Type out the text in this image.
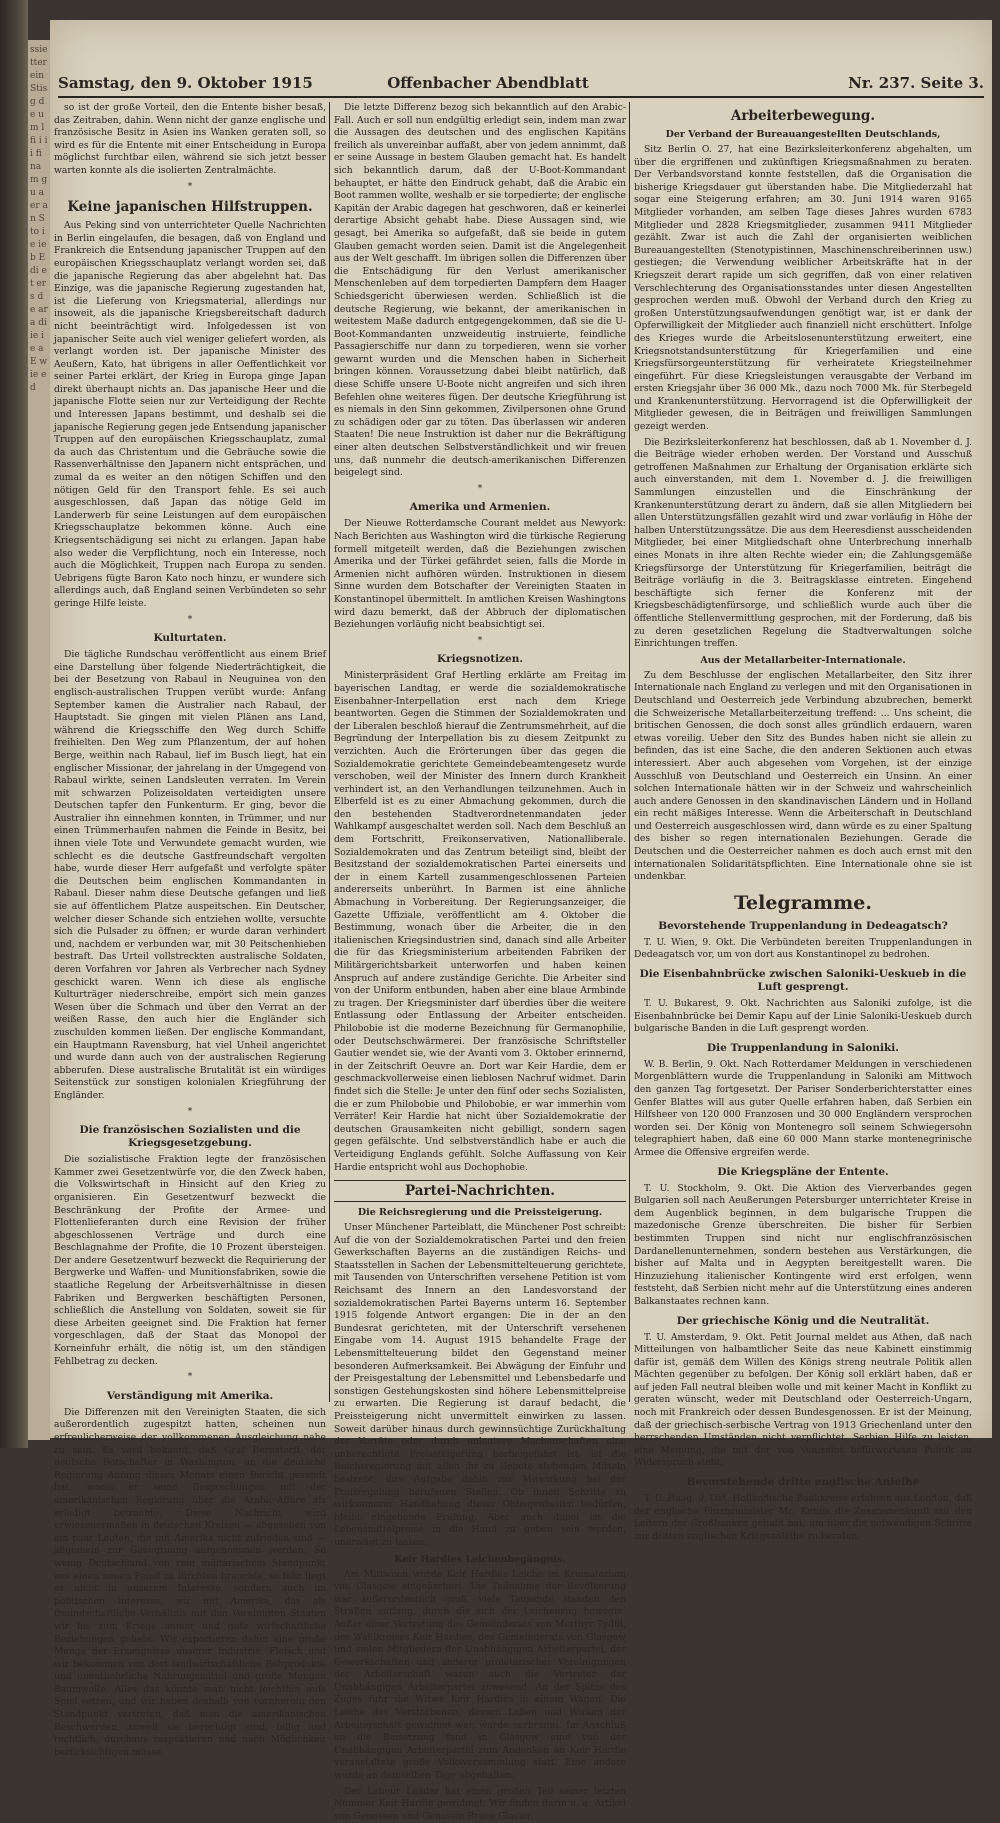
ssie tter ein Stis g de um l fi i i i fi na m gu a er an Sto ie ie b E di et ers de ar a di ie i e a E w ie e d
Samstag, den 9. Oktober 1915	Offenbacher Abendblatt	Nr. 237. Seite 3.

so ist der große Vorteil, den die Entente bisher besaß, das Zeitraben, dahin. Wenn nicht der ganze englische und französische Besitz in Asien ins Wanken geraten soll, so wird es für die Entente mit einer Entscheidung in Europa möglichst furchtbar eilen, während sie sich jetzt besser warten konnte als die isolierten Zentralmächte.

*
Keine japanischen Hilfstruppen.

Aus Peking sind von unterrichteter Quelle Nachrichten in Berlin eingelaufen, die besagen, daß von England und Frankreich die Entsendung japanischer Truppen auf den europäischen Kriegsschauplatz verlangt worden sei, daß die japanische Regierung das aber abgelehnt hat. Das Einzige, was die japanische Regierung zugestanden hat, ist die Lieferung von Kriegsmaterial, allerdings nur insoweit, als die japanische Kriegsbereitschaft dadurch nicht beeinträchtigt wird. Infolgedessen ist von japanischer Seite auch viel weniger geliefert worden, als verlangt worden ist. Der japanische Minister des Aeußern, Kato, hat übrigens in aller Oeffentlichkeit vor seiner Partei erklärt, der Krieg in Europa ginge Japan direkt überhaupt nichts an. Das japanische Heer und die japanische Flotte seien nur zur Verteidigung der Rechte und Interessen Japans bestimmt, und deshalb sei die japanische Regierung gegen jede Entsendung japanischer Truppen auf den europäischen Kriegsschauplatz, zumal da auch das Christentum und die Gebräuche sowie die Rassenverhältnisse den Japanern nicht entsprächen, und zumal da es weiter an den nötigen Schiffen und den nötigen Geld für den Transport fehle. Es sei auch ausgeschlossen, daß Japan das nötige Geld im Landerwerb für seine Leistungen auf dem europäischen Kriegsschauplatze bekommen könne. Auch eine Kriegsentschädigung sei nicht zu erlangen. Japan habe also weder die Verpflichtung, noch ein Interesse, noch auch die Möglichkeit, Truppen nach Europa zu senden. Uebrigens fügte Baron Kato noch hinzu, er wundere sich allerdings auch, daß England seinen Verbündeten so sehr geringe Hilfe leiste.

*
Kulturtaten.

Die tägliche Rundschau veröffentlicht aus einem Brief eine Darstellung über folgende Niederträchtigkeit, die bei der Besetzung von Rabaul in Neuguinea von den englisch-australischen Truppen verübt wurde: Anfang September kamen die Australier nach Rabaul, der Hauptstadt. Sie gingen mit vielen Plänen ans Land, während die Kriegsschiffe den Weg durch Schiffe freihielten. Den Weg zum Pflanzentum, der auf hohen Berge, weithin nach Rabaul, lief im Busch liegt, hat ein englischer Missionar, der jahrelang in der Umgegend von Rabaul wirkte, seinen Landsleuten verraten. Im Verein mit schwarzen Polizeisoldaten verteidigten unsere Deutschen tapfer den Funkenturm. Er ging, bevor die Australier ihn einnehmen konnten, in Trümmer, und nur einen Trümmerhaufen nahmen die Feinde in Besitz, bei ihnen viele Tote und Verwundete gemacht wurden, wie schlecht es die deutsche Gastfreundschaft vergolten habe, wurde dieser Herr aufgefaßt und verfolgte später die Deutschen beim englischen Kommandanten in Rabaul. Dieser nahm diese Deutsche gefangen und ließ sie auf öffentlichem Platze auspeitschen. Ein Deutscher, welcher dieser Schande sich entziehen wollte, versuchte sich die Pulsader zu öffnen; er wurde daran verhindert und, nachdem er verbunden war, mit 30 Peitschenhieben bestraft. Das Urteil vollstreckten australische Soldaten, deren Vorfahren vor Jahren als Verbrecher nach Sydney geschickt waren. Wenn ich diese als englische Kulturträger niederschreibe, empört sich mein ganzes Wesen über die Schmach und über den Verrat an der weißen Rasse, den auch hier die Engländer sich zuschulden kommen ließen. Der englische Kommandant, ein Hauptmann Ravensburg, hat viel Unheil angerichtet und wurde dann auch von der australischen Regierung abberufen. Diese australische Brutalität ist ein würdiges Seitenstück zur sonstigen kolonialen Kriegführung der Engländer.

*
Die französischen Sozialisten und die Kriegsgesetzgebung.

Die sozialistische Fraktion legte der französischen Kammer zwei Gesetzentwürfe vor, die den Zweck haben, die Volkswirtschaft in Hinsicht auf den Krieg zu organisieren. Ein Gesetzentwurf bezweckt die Beschränkung der Profite der Armee- und Flottenlieferanten durch eine Revision der früher abgeschlossenen Verträge und durch eine Beschlagnahme der Profite, die 10 Prozent übersteigen. Der andere Gesetzentwurf bezweckt die Requirierung der Bergwerke und Waffen- und Munitionsfabriken, sowie die staatliche Regelung der Arbeitsverhältnisse in diesen Fabriken und Bergwerken beschäftigten Personen, schließlich die Anstellung von Soldaten, soweit sie für diese Arbeiten geeignet sind. Die Fraktion hat ferner vorgeschlagen, daß der Staat das Monopol der Korneinfuhr erhält, die nötig ist, um den ständigen Fehlbetrag zu decken.

*
Verständigung mit Amerika.

Die Differenzen mit den Vereinigten Staaten, die sich außerordentlich zugespitzt hatten, scheinen nun erfreulicherweise der vollkommenen Ausgleichung nahe zu sein. Es wird bekannt, daß Graf Bernstorff, der deutsche Botschafter in Washington, an die deutsche Regierung Anfang dieses Monats einen Bericht gesandt hat, worin er seine Besprechungen mit der amerikanischen Regierung über die Arabic-Affäre als erledigt betrachte. Diese Nachricht wird erwiesenermaßen in deutschen Kreisen — abgesehen von ein paar Leuten, die mit Amerika nicht zufrieden sind — allgemein zur Genugtuung aufgenommen werden. So wenig Deutschland von rein militärischem Standpunkt aus einen neuen Feind zu fürchten brauchte, so fehr liegt es nicht in unserem Interesse, sondern auch im politischen Interesse, wir mit Amerika, das als freundschaftliche Verhältnis mit den Vereinigten Staaten wir bis zum Kriege immer und gute wirtschaftliche Beziehungen gehabt. Wir exportieren dahin eine große Menge der Erzeugnisse unserer Industrie. Fleisch und wir bekommen von dort landwirtschaftliche Rohprodukte und unentbehrliche Nahrungsmittel und große Mengen Baumwolle. Alles das könnte man nicht leichthin aufs Spiel setzen, und wir haben deshalb von vornherein den Standpunkt vertreten, daß man die amerikanischen Beschwerden, soweit sie berechtigt sind, billig und rechtlich, durchaus respektieren und nach Möglichkeit berücksichtigen müsse.

Die letzte Differenz bezog sich bekanntlich auf den Arabic-Fall. Auch er soll nun endgültig erledigt sein, indem man zwar die Aussagen des deutschen und des englischen Kapitäns freilich als unvereinbar auffaßt, aber von jedem annimmt, daß er seine Aussage in bestem Glauben gemacht hat. Es handelt sich bekanntlich darum, daß der U-Boot-Kommandant behauptet, er hätte den Eindruck gehabt, daß die Arabic ein Boot rammen wollte, weshalb er sie torpedierte; der englische Kapitän der Arabic dagegen hat geschworen, daß er keinerlei derartige Absicht gehabt habe. Diese Aussagen sind, wie gesagt, bei Amerika so aufgefaßt, daß sie beide in gutem Glauben gemacht worden seien. Damit ist die Angelegenheit aus der Welt geschafft. Im übrigen sollen die Differenzen über die Entschädigung für den Verlust amerikanischer Menschenleben auf dem torpedierten Dampfern dem Haager Schiedsgericht überwiesen werden. Schließlich ist die deutsche Regierung, wie bekannt, der amerikanischen in weitestem Maße dadurch entgegengekommen, daß sie die U-Boot-Kommandanten unzweideutig instruierte, feindliche Passagierschiffe nur dann zu torpedieren, wenn sie vorher gewarnt wurden und die Menschen haben in Sicherheit bringen können. Voraussetzung dabei bleibt natürlich, daß diese Schiffe unsere U-Boote nicht angreifen und sich ihren Befehlen ohne weiteres fügen. Der deutsche Kriegführung ist es niemals in den Sinn gekommen, Zivilpersonen ohne Grund zu schädigen oder gar zu töten. Das überlassen wir anderen Staaten! Die neue Instruktion ist daher nur die Bekräftigung einer alten deutschen Selbstverständlichkeit und wir freuen uns, daß nunmehr die deutsch-amerikanischen Differenzen beigelegt sind.

*
Amerika und Armenien.

Der Nieuwe Rotterdamsche Courant meldet aus Newyork: Nach Berichten aus Washington wird die türkische Regierung formell mitgeteilt werden, daß die Beziehungen zwischen Amerika und der Türkei gefährdet seien, falls die Morde in Armenien nicht aufhören würden. Instruktionen in diesem Sinne wurden dem Botschafter der Vereinigten Staaten in Konstantinopel übermittelt. In amtlichen Kreisen Washingtons wird dazu bemerkt, daß der Abbruch der diplomatischen Beziehungen vorläufig nicht beabsichtigt sei.

*
Kriegsnotizen.

Ministerpräsident Graf Hertling erklärte am Freitag im bayerischen Landtag, er werde die sozialdemokratische Eisenbahner-Interpellation erst nach dem Kriege beantworten. Gegen die Stimmen der Sozialdemokraten und der Liberalen beschloß hierauf die Zentrumsmehrheit, auf die Begründung der Interpellation bis zu diesem Zeitpunkt zu verzichten. Auch die Erörterungen über das gegen die Sozialdemokratie gerichtete Gemeindebeamtengesetz wurde verschoben, weil der Minister des Innern durch Krankheit verhindert ist, an den Verhandlungen teilzunehmen. Auch in Elberfeld ist es zu einer Abmachung gekommen, durch die den bestehenden Stadtverordnetenmandaten jeder Wahlkampf ausgeschaltet werden soll. Nach dem Beschluß an dem Fortschritt, Freikonservativen, Nationalliberale. Sozialdemokraten und das Zentrum beteiligt sind, bleibt der Besitzstand der sozialdemokratischen Partei einerseits und der in einem Kartell zusammengeschlossenen Parteien andererseits unberührt. In Barmen ist eine ähnliche Abmachung in Vorbereitung. Der Regierungsanzeiger, die Gazette Uffiziale, veröffentlicht am 4. Oktober die Bestimmung, wonach über die Arbeiter, die in den italienischen Kriegsindustrien sind, danach sind alle Arbeiter die für das Kriegsministerium arbeitenden Fabriken der Militärgerichtsbarkeit unterworfen und haben keinen Anspruch auf andere zuständige Gerichte. Die Arbeiter sind von der Uniform entbunden, haben aber eine blaue Armbinde zu tragen. Der Kriegsminister darf überdies über die weitere Entlassung oder Entlassung der Arbeiter entscheiden. Philobobie ist die moderne Bezeichnung für Germanophilie, oder Deutschschwärmerei. Der französische Schriftsteller Gautier wendet sie, wie der Avanti vom 3. Oktober erinnernd, in der Zeitschrift Oeuvre an. Dort war Keir Hardie, dem er geschmackvollerweise einen lieblosen Nachruf widmet. Darin findet sich die Stelle: Je unter den fünf oder sechs Sozialisten, die er zum Philobobie und Philobobie, er war immerhin vom Verräter! Keir Hardie hat nicht über Sozialdemokratie der deutschen Grausamkeiten nicht gebilligt, sondern sagen gegen gefälschte. Und selbstverständlich habe er auch die Verteidigung Englands gefühlt. Solche Auffassung von Keir Hardie entspricht wohl aus Dochophobie.

Partei-Nachrichten.
Die Reichsregierung und die Preissteigerung.

Unser Münchener Parteiblatt, die Münchener Post schreibt: Auf die von der Sozialdemokratischen Partei und den freien Gewerkschaften Bayerns an die zuständigen Reichs- und Staatsstellen in Sachen der Lebensmittelteuerung gerichtete, mit Tausenden von Unterschriften versehene Petition ist vom Reichsamt des Innern an den Landesvorstand der sozialdemokratischen Partei Bayerns unterm 16. September 1915 folgende Antwort ergangen: Die in der an den Bundesrat gerichteten, mit der Unterschrift versehenen Eingabe vom 14. August 1915 behandelte Frage der Lebensmittelteuerung bildet den Gegenstand meiner besonderen Aufmerksamkeit. Bei Abwägung der Einfuhr und der Preisgestaltung der Lebensmittel und Lebensbedarfe und sonstigen Gestehungskosten sind höhere Lebensmittelpreise zu erwarten. Die Regierung ist darauf bedacht, die Preissteigerung nicht unvermittelt einwirken zu lassen. Soweit darüber hinaus durch gewinnsüchtige Zurückhaltung der Vorräte oder durch unlautere Machenschaften eine unberechtigte Preissteigerung herbeigeführt ist, ist die Reichsregierung mit allen ihr zu Gebote stehenden Mitteln bestrebt, ihre Aufgabe dahin zur Mitwirkung bei der Preisregelung berufenen Stellen. Ob ihnen Schritte zu wirksamerer Handhabung dieser Obliegenheiten bedürfen, bleibt eingehende Prüfung. Aber auch dabei ist die Lebensmittelpreise in die Hand zu geben sein werden, unerwägt zu lassen.

Keir Hardies Leichenbegängnis.

Am Mittwoch wurde Keir Hardies Leiche im Krematorium von Glasgow eingeäschert. Die Teilnahme der Bevölkerung war außerordentlich groß, viele Tausende standen den Straßen entlang, durch die sich der Leichenzug bewegte. Außer einer Vertretung des Gemeinderats von Merthyr Tydfil, des Wahlkreises Keir Hardies, des Gemeinderats von Glasgow und vielen Mitgliedern der Unabhängigen Arbeiterpartei, der Gewerkschaften und anderer proletarischer Vereinigungen der Arbeiterschaft waren auch die Vertreter der Unabhängigen Arbeiterpartei anwesend. An der Spitze des Zuges fuhr die Witwe Keir Hardies in einem Wagen. Die Leiche des Verstorbenen, dessen Leben und Wirken der Arbeiterschaft gewidmet war, wurde verbrannt. Im Anschluß an die Beisetzung fand in Glasgow eine von der Unabhängigen Arbeiterpartei zum Andenken an Keir Hardie veranstaltete große Volksversammlung statt. Eine andere wurde an demselben Tage abgehalten.

Der Labour Leader hat einen großen Teil seiner letzten Nummer Keir Hardie gewidmet. Wir finden darin u. a. Artikel von Genossen und Genossin Bruce Glasier.

Arbeiterbewegung.
Der Verband der Bureauangestellten Deutschlands,

Sitz Berlin O. 27, hat eine Bezirksleiterkonferenz abgehalten, um über die ergriffenen und zukünftigen Kriegsmaßnahmen zu beraten. Der Verbandsvorstand konnte feststellen, daß die Organisation die bisherige Kriegsdauer gut überstanden habe. Die Mitgliederzahl hat sogar eine Steigerung erfahren; am 30. Juni 1914 waren 9165 Mitglieder vorhanden, am selben Tage dieses Jahres wurden 6783 Mitglieder und 2828 Kriegsmitglieder, zusammen 9411 Mitglieder gezählt. Zwar ist auch die Zahl der organisierten weiblichen Bureauangestellten (Stenotypistinnen, Maschinenschreiberinnen usw.) gestiegen; die Verwendung weiblicher Arbeitskräfte hat in der Kriegszeit derart rapide um sich gegriffen, daß von einer relativen Verschlechterung des Organisationsstandes unter diesen Angestellten gesprochen werden muß. Obwohl der Verband durch den Krieg zu großen Unterstützungsaufwendungen genötigt war, ist er dank der Opferwilligkeit der Mitglieder auch finanziell nicht erschüttert. Infolge des Krieges wurde die Arbeitslosenunterstützung erweitert, eine Kriegsnotstandsunterstützung für Kriegerfamilien und eine Kriegsfürsorgeunterstützung für verheiratete Kriegsteilnehmer eingeführt. Für diese Kriegsleistungen verausgabte der Verband im ersten Kriegsjahr über 36 000 Mk., dazu noch 7000 Mk. für Sterbegeld und Krankenunterstützung. Hervorragend ist die Opferwilligkeit der Mitglieder gewesen, die in Beiträgen und freiwilligen Sammlungen gezeigt werden.

Die Bezirksleiterkonferenz hat beschlossen, daß ab 1. November d. J. die Beiträge wieder erhoben werden. Der Vorstand und Ausschuß getroffenen Maßnahmen zur Erhaltung der Organisation erklärte sich auch einverstanden, mit dem 1. November d. J. die freiwilligen Sammlungen einzustellen und die Einschränkung der Krankenunterstützung derart zu ändern, daß sie allen Mitgliedern bei allen Unterstützungsfällen gezahlt wird und zwar vorläufig in Höhe der halben Unterstützungssätze. Die aus dem Heeresdienst ausscheidenden Mitglieder, bei einer Mitgliedschaft ohne Unterbrechung innerhalb eines Monats in ihre alten Rechte wieder ein; die Zahlungsgemäße Kriegsfürsorge der Unterstützung für Kriegerfamilien, beiträgt die Beiträge vorläufig in die 3. Beitragsklasse eintreten. Eingehend beschäftigte sich ferner die Konferenz mit der Kriegsbeschädigtenfürsorge, und schließlich wurde auch über die öffentliche Stellenvermittlung gesprochen, mit der Forderung, daß bis zu deren gesetzlichen Regelung die Stadtverwaltungen solche Einrichtungen treffen.

Aus der Metallarbeiter-Internationale.

Zu dem Beschlusse der englischen Metallarbeiter, den Sitz ihrer Internationale nach England zu verlegen und mit den Organisationen in Deutschland und Oesterreich jede Verbindung abzubrechen, bemerkt die Schweizerische Metallarbeiterzeitung treffend: ... Uns scheint, die britischen Genossen, die doch sonst alles gründlich erdauern, waren etwas voreilig. Ueber den Sitz des Bundes haben nicht sie allein zu befinden, das ist eine Sache, die den anderen Sektionen auch etwas interessiert. Aber auch abgesehen vom Vorgehen, ist der einzige Ausschluß von Deutschland und Oesterreich ein Unsinn. An einer solchen Internationale hätten wir in der Schweiz und wahrscheinlich auch andere Genossen in den skandinavischen Ländern und in Holland ein recht mäßiges Interesse. Wenn die Arbeiterschaft in Deutschland und Oesterreich ausgeschlossen wird, dann würde es zu einer Spaltung des bisher so regen internationalen Beziehungen. Gerade die Deutschen und die Oesterreicher nahmen es doch auch ernst mit den internationalen Solidaritätspflichten. Eine Internationale ohne sie ist undenkbar.

Telegramme.
Bevorstehende Truppenlandung in Dedeagatsch?

T. U. Wien, 9. Okt. Die Verbündeten bereiten Truppenlandungen in Dedeagatsch vor, um von dort aus Konstantinopel zu bedrohen.

Die Eisenbahnbrücke zwischen Saloniki-Ueskueb in die Luft gesprengt.

T. U. Bukarest, 9. Okt. Nachrichten aus Saloniki zufolge, ist die Eisenbahnbrücke bei Demir Kapu auf der Linie Saloniki-Ueskueb durch bulgarische Banden in die Luft gesprengt worden.

Die Truppenlandung in Saloniki.

W. B. Berlin, 9. Okt. Nach Rotterdamer Meldungen in verschiedenen Morgenblättern wurde die Truppenlandung in Saloniki am Mittwoch den ganzen Tag fortgesetzt. Der Pariser Sonderberichterstatter eines Genfer Blattes will aus guter Quelle erfahren haben, daß Serbien ein Hilfsheer von 120 000 Franzosen und 30 000 Engländern versprochen worden sei. Der König von Montenegro soll seinem Schwiegersohn telegraphiert haben, daß eine 60 000 Mann starke montenegrinische Armee die Offensive ergreifen werde.

Die Kriegspläne der Entente.

T. U. Stockholm, 9. Okt. Die Aktion des Vierverbandes gegen Bulgarien soll nach Aeußerungen Petersburger unterrichteter Kreise in dem Augenblick beginnen, in dem bulgarische Truppen die mazedonische Grenze überschreiten. Die bisher für Serbien bestimmten Truppen sind nicht nur englischfranzösischen Dardanellenunternehmen, sondern bestehen aus Verstärkungen, die bisher auf Malta und in Aegypten bereitgestellt waren. Die Hinzuziehung italienischer Kontingente wird erst erfolgen, wenn feststeht, daß Serbien nicht mehr auf die Unterstützung eines anderen Balkanstaates rechnen kann.

Der griechische König und die Neutralität.

T. U. Amsterdam, 9. Okt. Petit Journal meldet aus Athen, daß nach Mitteilungen von halbamtlicher Seite das neue Kabinett einstimmig dafür ist, gemäß dem Willen des Königs streng neutrale Politik allen Mächten gegenüber zu befolgen. Der König soll erklärt haben, daß er auf jeden Fall neutral bleiben wolle und mit keiner Macht in Konflikt zu geraten wünscht, weder mit Deutschland oder Oesterreich-Ungarn, noch mit Frankreich oder dessen Bundesgenossen. Er ist der Meinung, daß der griechisch-serbische Vertrag von 1913 Griechenland unter den herrschenden Umständen nicht verpflichtet, Serbien Hilfe zu leisten, eine Meinung, die mit der von Venizelos befürworteten Politik im Widerspruch steht.

Bevorstehende dritte englische Anleihe

T. U. Haag, 9. Okt. Holländische Bankkreise erfahren aus London, daß der englische Finanzminister Mc. Kenna die Zusammenkunft mit den Leitern der Großbanken gehabt hat, um über die notwendigen Schritte zur dritten englischen Kriegsanleihe zu beraten.
